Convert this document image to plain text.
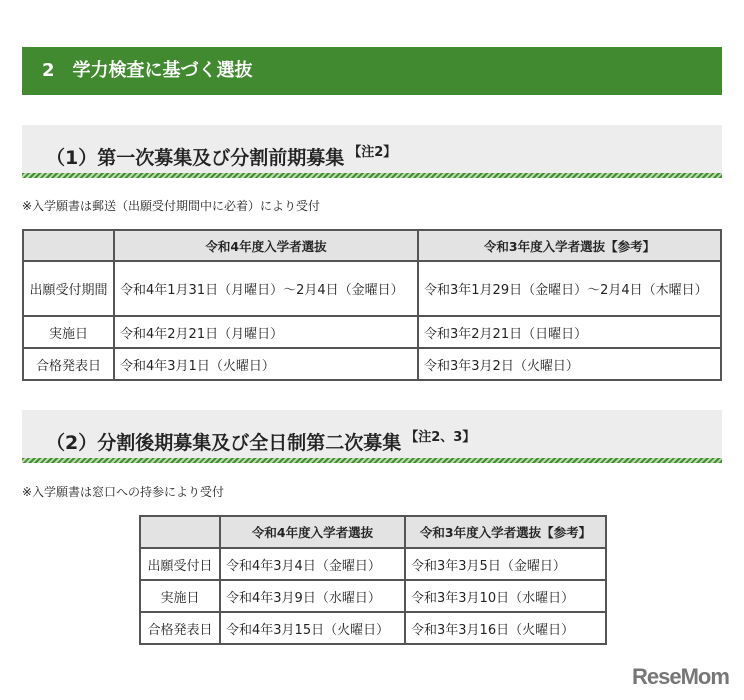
2　学力検査に基づく選抜
（1）第一次募集及び分割前期募集 $^{【注2】}$
※入学願書は郵送（出願受付期間中に必着）により受付
	令和4年度入学者選抜	令和3年度入学者選抜【参考】
出願受付期間	令和4年1月31日（月曜日）～2月4日（金曜日）	令和3年1月29日（金曜日）～2月4日（木曜日）
実施日	令和4年2月21日（月曜日）	令和3年2月21日（日曜日）
合格発表日	令和4年3月1日（火曜日）	令和3年3月2日（火曜日）
（2）分割後期募集及び全日制第二次募集 $^{【注2、3】}$
※入学願書は窓口への持参により受付
	令和4年度入学者選抜	令和3年度入学者選抜【参考】
出願受付日	令和4年3月4日（金曜日）	令和3年3月5日（金曜日）
実施日	令和4年3月9日（水曜日）	令和3年3月10日（水曜日）
合格発表日	令和4年3月15日（火曜日）	令和3年3月16日（火曜日）
ReseMom
